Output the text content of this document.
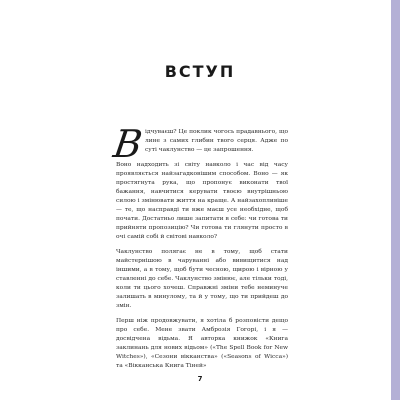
ВСТУП

Відчуваєш? Це поклик чогось прадавнього, що лине з самих глибин твого серця. Адже по суті чаклунство — це запрошення.

Воно надходить зі світу навколо і час від часу проявляється найзагадковішим способом. Воно — як простягнута рука, що пропонує виконати твої бажання, навчитися керувати твоєю внутрішньою силою і змінювати життя на краще. А найзахопливіше — те, що насправді ти вже маєш усе необхідне, щоб почати. Достатньо лише запитати в себе: чи готова ти прийняти пропозицію? Чи готова ти глянути просто в очі самій собі й світові навколо?

Чаклунство полягає не в тому, щоб стати майстернішою в чаруванні або вивищитися над іншими, а в тому, щоб бути чесною, щирою і вірною у ставленні до себе. Чаклунство змінює, але тільки тоді, коли ти цього хочеш. Справжні зміни тебе неминуче залишать в минулому, та й у тому, що ти прийдеш до змін.

Перш ніж продовжувати, я хотіла б розповісти дещо про себе. Мене звати Амброзія Гогорі, і я — досвідчена відьма. Я авторка книжок «Книга заклинань для нових відьом» («The Spell Book for New Witches»), «Сезони вікканства» («Seasons of Wicca») та «Вікканська Книга Тіней»

7
